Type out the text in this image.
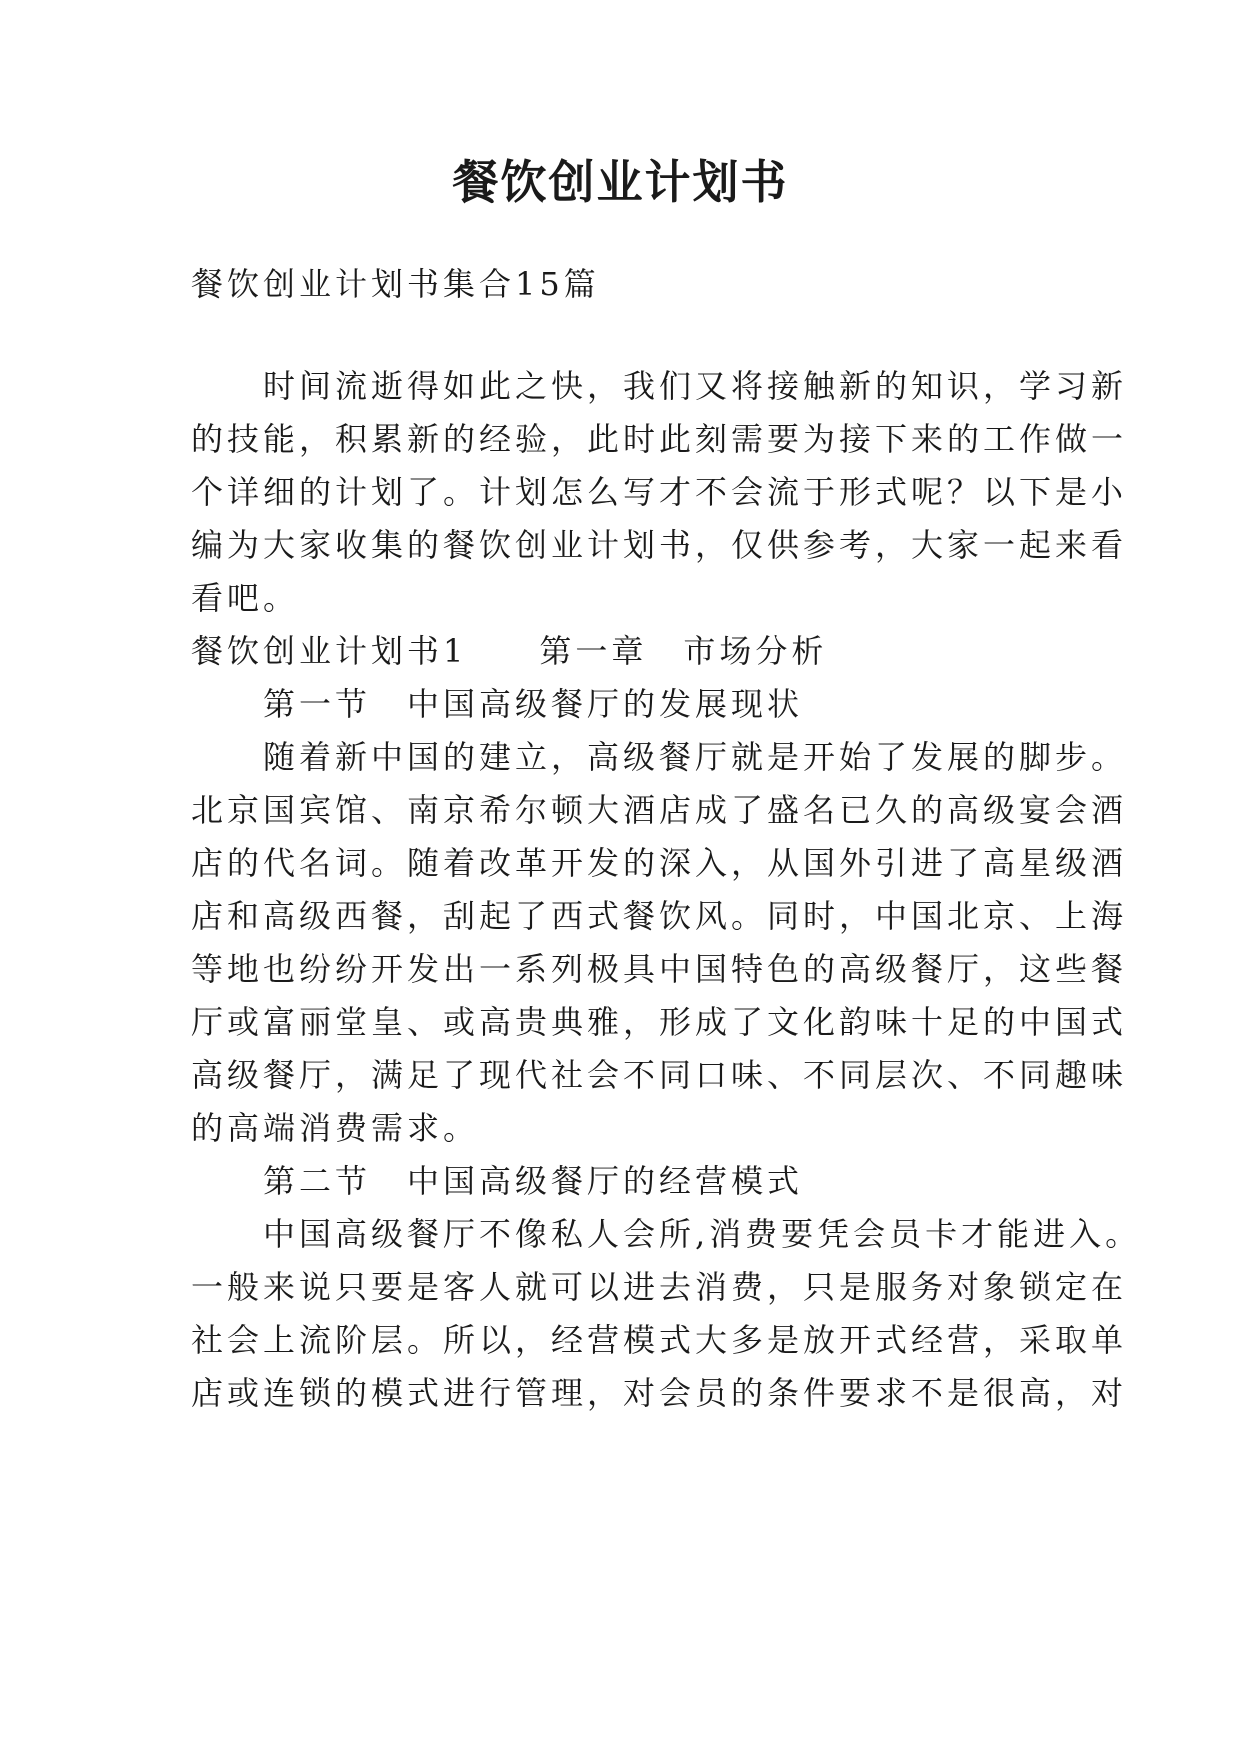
餐饮创业计划书
餐饮创业计划书集合15篇
　　时间流逝得如此之快，我们又将接触新的知识，学习新
的技能，积累新的经验，此时此刻需要为接下来的工作做一
个详细的计划了。计划怎么写才不会流于形式呢？以下是小
编为大家收集的餐饮创业计划书，仅供参考，大家一起来看
看吧。
餐饮创业计划书1　　第一章　市场分析
　　第一节　中国高级餐厅的发展现状
　　随着新中国的建立，高级餐厅就是开始了发展的脚步。
北京国宾馆、南京希尔顿大酒店成了盛名已久的高级宴会酒
店的代名词。随着改革开发的深入，从国外引进了高星级酒
店和高级西餐，刮起了西式餐饮风。同时，中国北京、上海
等地也纷纷开发出一系列极具中国特色的高级餐厅，这些餐
厅或富丽堂皇、或高贵典雅，形成了文化韵味十足的中国式
高级餐厅，满足了现代社会不同口味、不同层次、不同趣味
的高端消费需求。
　　第二节　中国高级餐厅的经营模式
　　中国高级餐厅不像私人会所,消费要凭会员卡才能进入。
一般来说只要是客人就可以进去消费，只是服务对象锁定在
社会上流阶层。所以，经营模式大多是放开式经营，采取单
店或连锁的模式进行管理，对会员的条件要求不是很高，对
